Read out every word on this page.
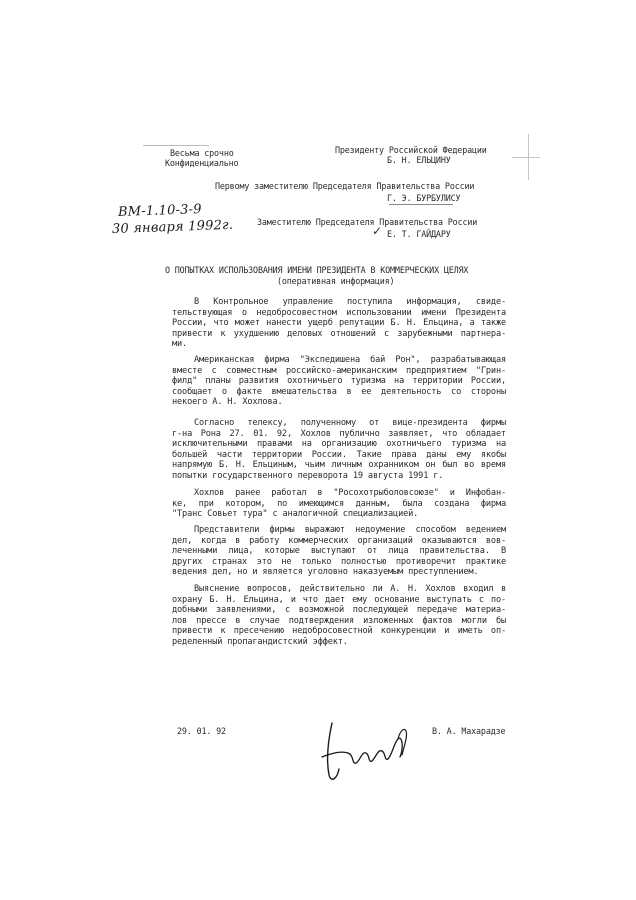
Весьма срочно
Конфиденциально
Президенту Российской Федерации
Б. Н. ЕЛЬЦИНУ
Первому заместителю Председателя Правительства России
Г. Э. БУРБУЛИСУ
ВМ-1.10-3-9
30 января 1992г.	Заместителю Председателя Правительства России
✓ Е. Т. ГАЙДАРУ
О ПОПЫТКАХ ИСПОЛЬЗОВАНИЯ ИМЕНИ ПРЕЗИДЕНТА В КОММЕРЧЕСКИХ ЦЕЛЯХ
(оперативная информация)
В Контрольное управление поступила информация, свиде-
тельствующая о недобросовестном использовании имени Президента
России, что может нанести ущерб репутации Б. Н. Ельцина, а также
привести к ухудшению деловых отношений с зарубежными партнера-
ми.
Американская фирма "Экспедишена бай Рон", разрабатывающая
вместе с совместным российско-американским предприятием "Грин-
филд" планы развития охотничьего туризма на территории России,
сообщает о факте вмешательства в ее деятельность со стороны
некоего А. Н. Хохлова.
Согласно телексу, полученному от вице-президента фирмы
г-на Рона 27. 01. 92, Хохлов публично заявляет, что обладает
исключительными правами на организацию охотничьего туризма на
большей части территории России. Такие права даны ему якобы
напрямую Б. Н. Ельциным, чьим личным охранником он был во время
попытки государственного переворота 19 августа 1991 г.
Хохлов ранее работал в "Росохотрыболовсоюзе" и Инфобан-
ке, при котором, по имеющимся данным, была создана фирма
"Транс Совьет тура" с аналогичной специализацией.
Представители фирмы выражают недоумение способом ведением
дел, когда в работу коммерческих организаций оказываются вов-
леченными лица, которые выступают от лица правительства. В
других странах это не только полностью противоречит практике
ведения дел, но и является уголовно наказуемым преступлением.
Выяснение вопросов, действительно ли А. Н. Хохлов входил в
охрану Б. Н. Ельцина, и что дает ему основание выступать с по-
добными заявлениями, с возможной последующей передаче материа-
лов прессе в случае подтверждения изложенных фактов могли бы
привести к пресечению недобросовестной конкуренции и иметь оп-
ределенный пропагандистский эффект.
29. 01. 92	В. А. Махарадзе
